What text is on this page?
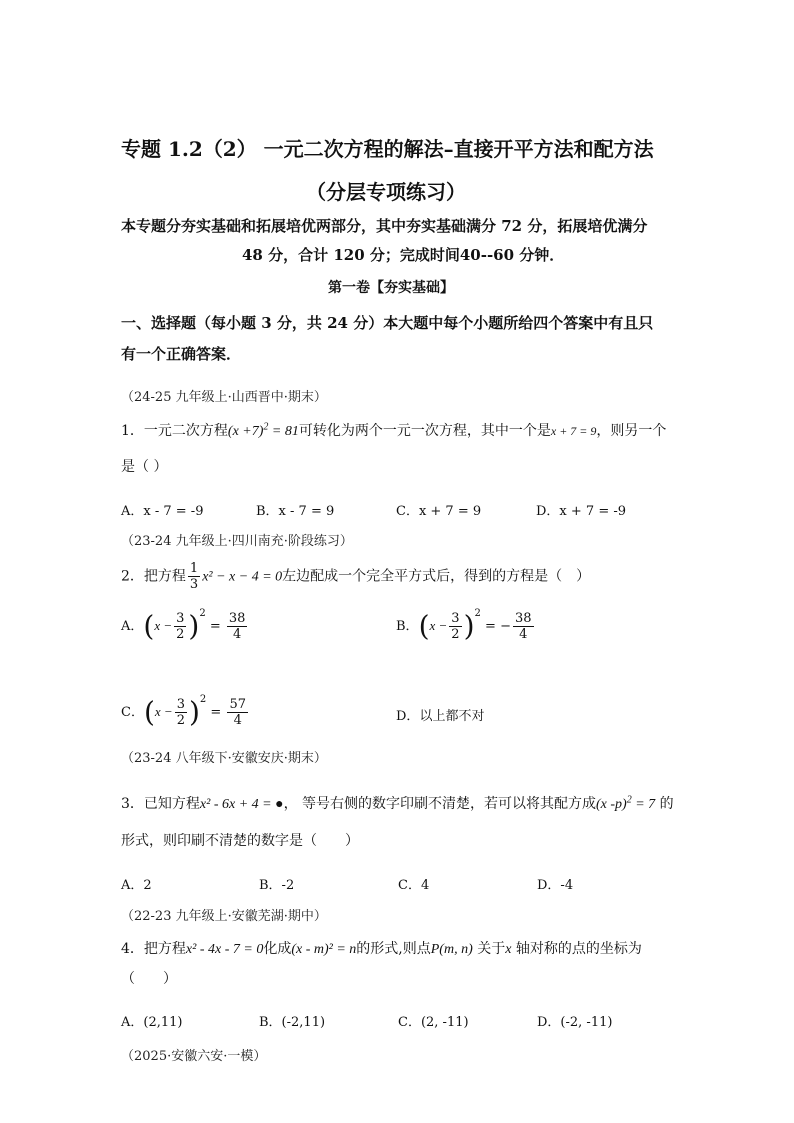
专题 1.2（2） 一元二次方程的解法–直接开平方法和配方法
（分层专项练习）
本专题分夯实基础和拓展培优两部分，其中夯实基础满分 72 分，拓展培优满分
48 分，合计 120 分；完成时间40--60 分钟．
第一卷【夯实基础】
一、选择题（每小题 3 分，共 24 分）本大题中每个小题所给四个答案中有且只
有一个正确答案．
（24-25 九年级上·山西晋中·期末）
1．一元二次方程$(x +7)^2 = 81$可转化为两个一元一次方程，其中一个是x + 7 = 9，则另一个
是（ ）
A．x - 7 = -9	B．x - 7 = 9	C．x + 7 = 9	D．x + 7 = -9
（23-24 九年级上·四川南充·阶段练习）
2．把方程 $\frac{1}{3} x^2 - x - 4 = 0$左边配成一个完全平方式后，得到的方程是（　）
A．$(x - \frac{3}{2} )^2 = \frac{38}{4}$	B．$(x - \frac{3}{2} )^2$ = − $\frac{38}{4}$
C．$(x - \frac{3}{2} )^2 = \frac{57}{4}$	D．以上都不对
（23-24 八年级下·安徽安庆·期末）
3．已知方程x² - 6x + 4 = ●， 等号右侧的数字印刷不清楚，若可以将其配方成(x -p)$^2$ = 7 的
形式，则印刷不清楚的数字是（　　）
A．2	B．-2	C．4	D．-4
（22-23 九年级上·安徽芜湖·期中）
4．把方程x² - 4x - 7 = 0化成(x - m)² = n的形式,则点P(m, n) 关于x 轴对称的点的坐标为
（　　）
A．(2,11)	B．(-2,11)	C．(2, -11)	D．(-2, -11)
（2025·安徽六安·一模）
